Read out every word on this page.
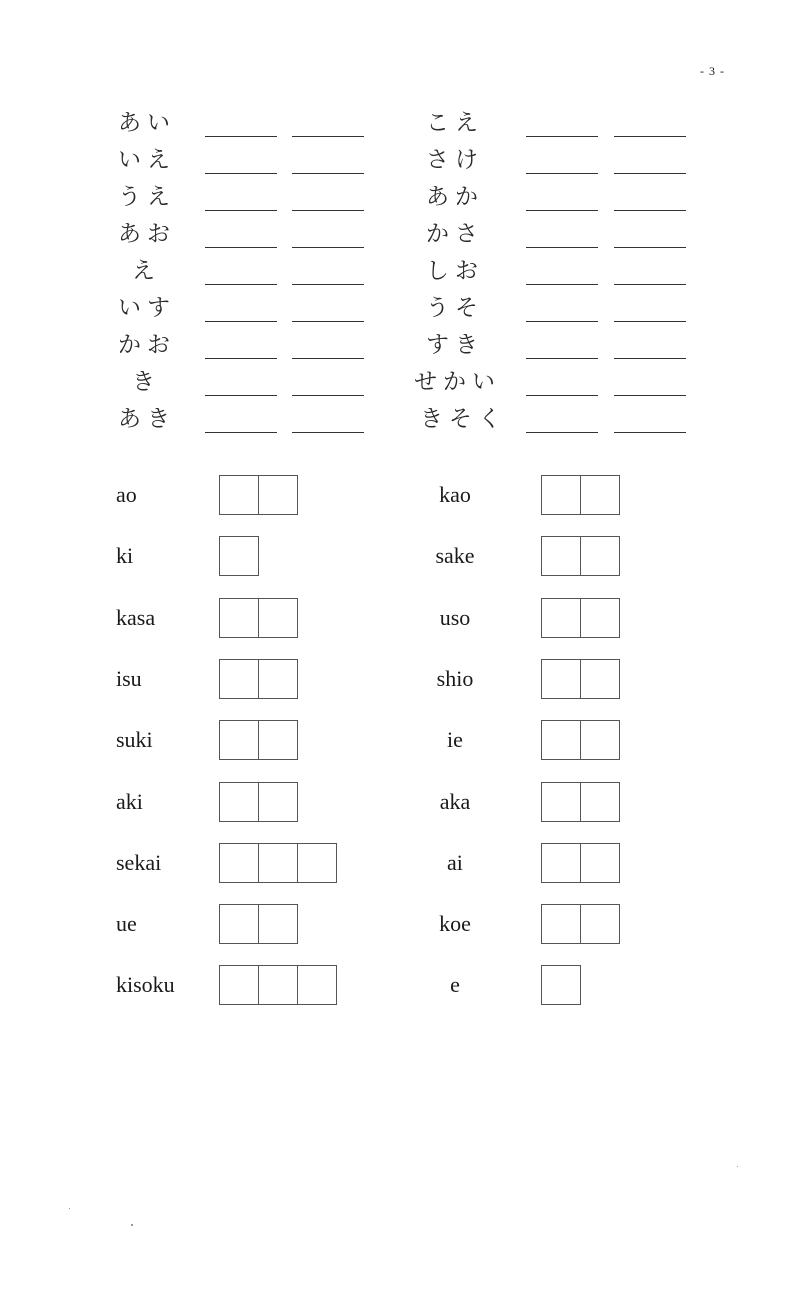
- 3 -
あい
いえ
うえ
あお
え
いす
かお
き
あき
こえ
さけ
あか
かさ
しお
うそ
すき
せかい
きそく
ao
ki
kasa
isu
suki
aki
sekai
ue
kisoku
kao
sake
uso
shio
ie
aka
ai
koe
e
